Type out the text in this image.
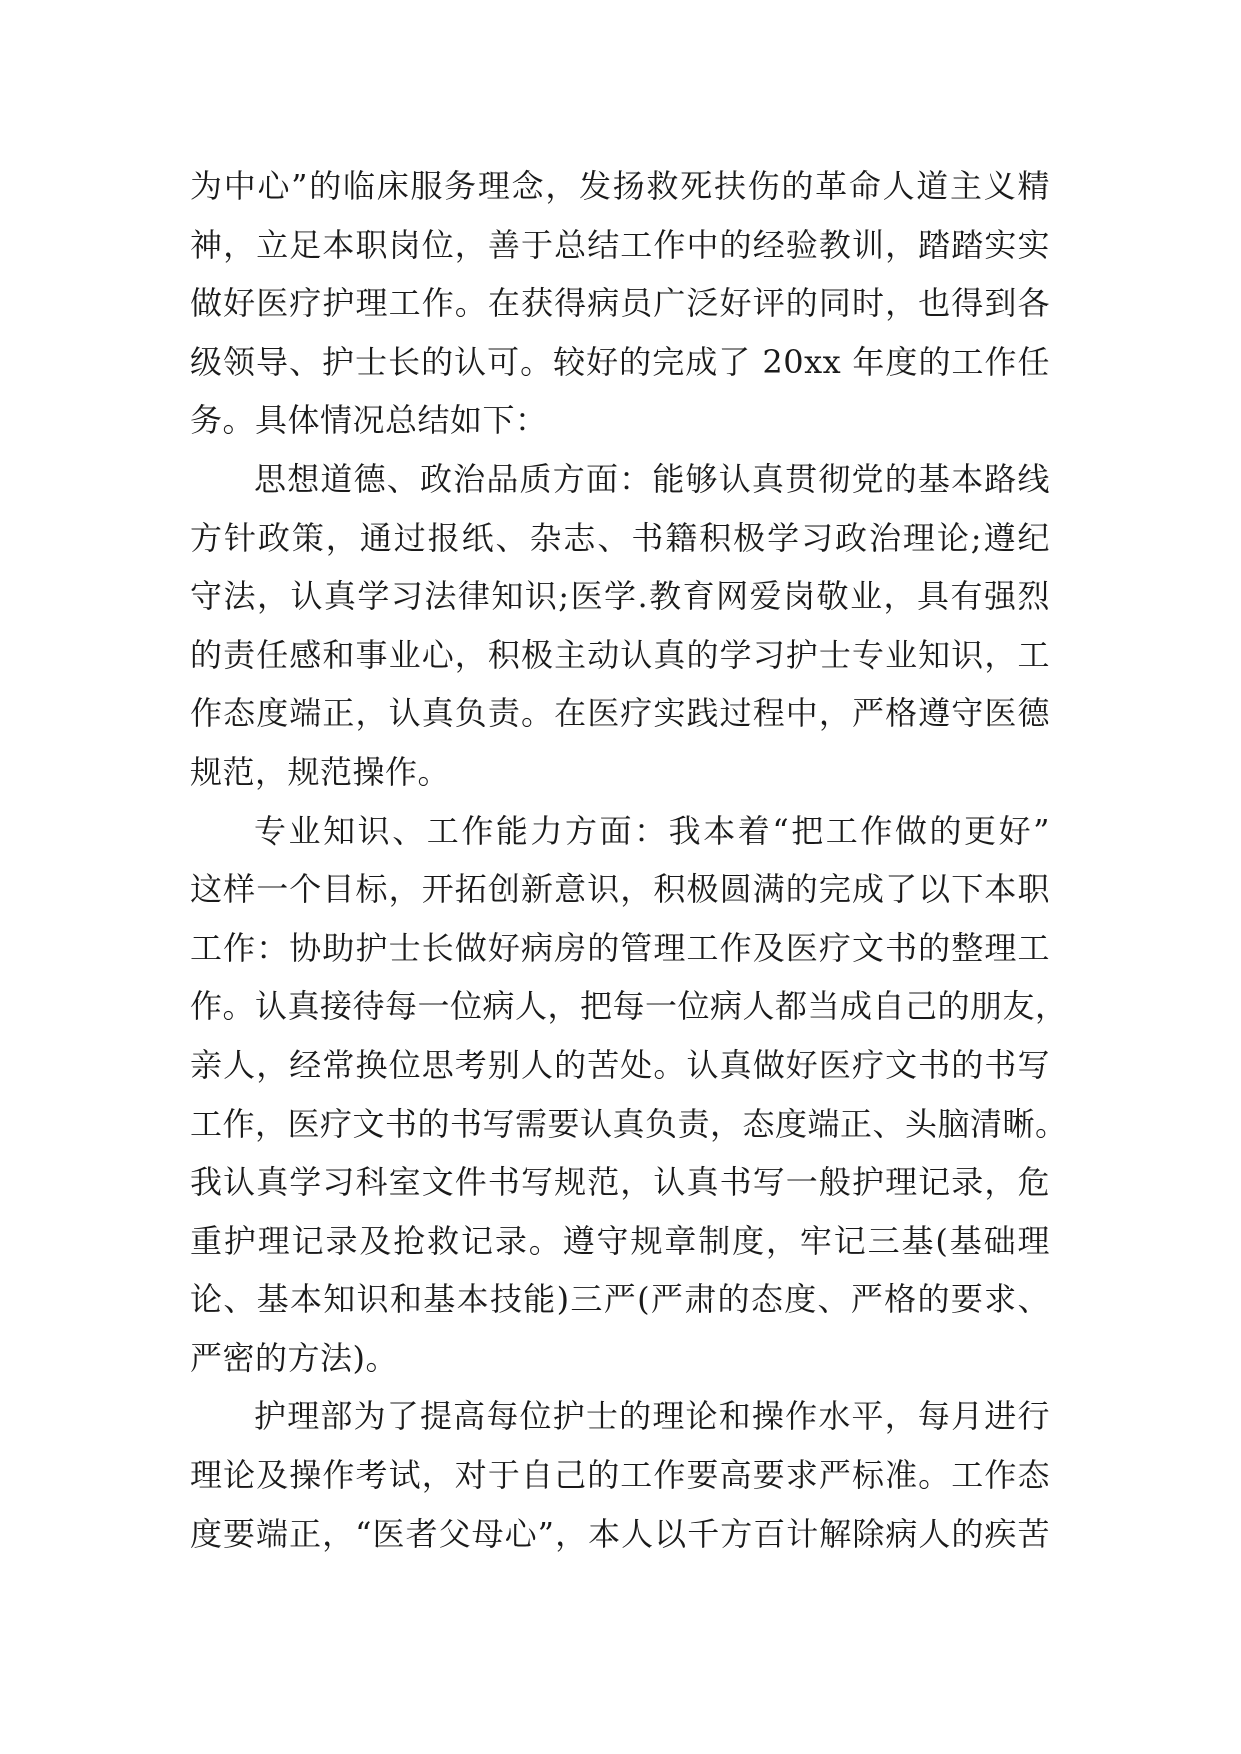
为中心”的临床服务理念，发扬救死扶伤的革命人道主义精
神，立足本职岗位，善于总结工作中的经验教训，踏踏实实
做好医疗护理工作。在获得病员广泛好评的同时，也得到各
级领导、护士长的认可。较好的完成了 20xx 年度的工作任
务。具体情况总结如下：
思想道德、政治品质方面：能够认真贯彻党的基本路线
方针政策，通过报纸、杂志、书籍积极学习政治理论;遵纪
守法，认真学习法律知识;医学.教育网爱岗敬业，具有强烈
的责任感和事业心，积极主动认真的学习护士专业知识，工
作态度端正，认真负责。在医疗实践过程中，严格遵守医德
规范，规范操作。
专业知识、工作能力方面：我本着“把工作做的更好”
这样一个目标，开拓创新意识，积极圆满的完成了以下本职
工作：协助护士长做好病房的管理工作及医疗文书的整理工
作。认真接待每一位病人，把每一位病人都当成自己的朋友，
亲人，经常换位思考别人的苦处。认真做好医疗文书的书写
工作，医疗文书的书写需要认真负责，态度端正、头脑清晰。
我认真学习科室文件书写规范，认真书写一般护理记录，危
重护理记录及抢救记录。遵守规章制度，牢记三基(基础理
论、基本知识和基本技能)三严(严肃的态度、严格的要求、
严密的方法)。
护理部为了提高每位护士的理论和操作水平，每月进行
理论及操作考试，对于自己的工作要高要求严标准。工作态
度要端正，“医者父母心”，本人以千方百计解除病人的疾苦
